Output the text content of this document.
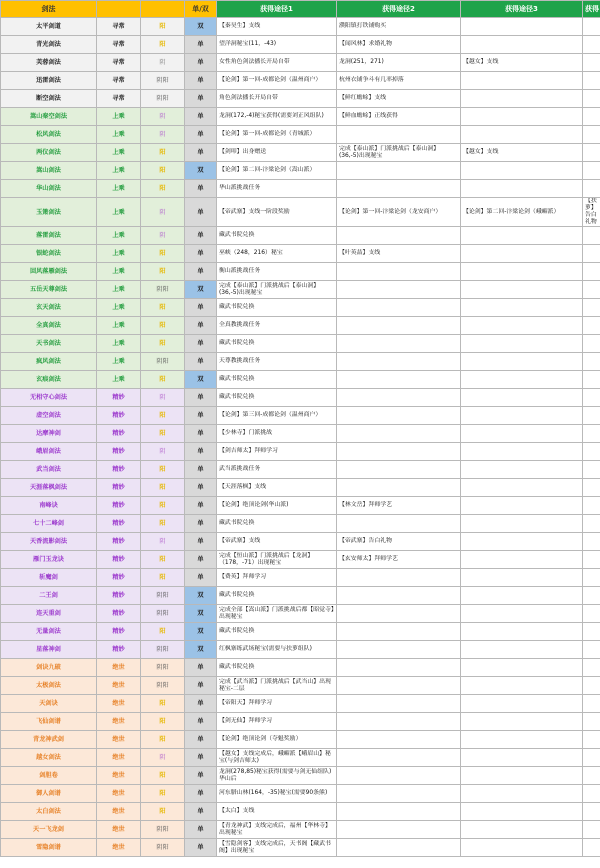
剑法			单/双	获得途径1	获得途径2	获得途径3	获得
太平剑道	寻常	阳	双	【秦昊生】支线	濮阳镇打铁铺购买		
青光剑法	寻常	阳	单	望洋洞秘宝(11，-43)	【闻风林】求婚礼物		
芙蓉剑法	寻常	阴	单	女性角色剑法播长开局自带	龙洞(251，271)	【越女】支线	
迅雷剑法	寻常	阴阳	单	【论剑】第一回-成都论剑（温州商户）	杭州衣铺争斗有几率掉落		
断空剑法	寻常	阴阳	单	角色剑法播长开局自带	【鲜红蟾蜍】支线		
嵩山秦空剑法	上乘	阴	单	龙洞(172,-4)秘宝获得(需要刘正风组队)	【鲜血蟾蜍】正线获得		
松风剑法	上乘	阴	单	【论剑】第一回-成都论剑（青城派）			
两仪剑法	上乘	阳	单	【剑叩】出身赠送	完成【泰山派】门派挑战后【泰山洞】(36,-5)出现秘宝	【越女】支线	
嵩山剑法	上乘	阳	双	【论剑】第二回-汴梁论剑（嵩山派）			
华山剑法	上乘	阳	单	华山派挑战任务			
玉箫剑法	上乘	阴	单	【帝武寨】支线一阶段奖励	【论剑】第一回-汴梁论剑（龙安商户）	【论剑】第二回-汴梁论剑（峨嵋派）	【扶萝】告白礼物
落雷剑法	上乘	阴	单	藏武书院兑换			
银蛇剑法	上乘	阳	单	巫峡（248，216）秘宝	【叶英喆】支线		
回风落雁剑法	上乘	阳	单	衡山派挑战任务			
五岳天尊剑法	上乘	阴阳	双	完成【泰山派】门派挑战后【泰山洞】(36,-5)出现秘宝			
玄天剑法	上乘	阳	单	藏武书院兑换			
全真剑法	上乘	阳	单	全真教挑战任务			
天书剑法	上乘	阳	单	藏武书院兑换			
疯风剑法	上乘	阴阳	单	天尊教挑战任务			
玄痕剑法	上乘	阳	双	藏武书院兑换			
无相守心剑法	精妙	阴	单	藏武书院兑换			
虚空剑法	精妙	阳	单	【论剑】第三回-成都论剑（温州商户）			
达摩神剑	精妙	阳	单	【少林寺】门派挑战			
峨眉剑法	精妙	阴	单	【剑吉师太】拜师学习			
武当剑法	精妙	阳	单	武当派挑战任务			
天涯落枫剑法	精妙	阳	单	【天涯落枫】支线			
南峰诀	精妙	阳	单	【论剑】绝顶论剑(华山派)	【林文岳】拜师学艺		
七十二峰剑	精妙	阳	单	藏武书院兑换			
天香流影剑法	精妙	阴	单	【帝武寨】支线	【帝武寨】告白礼物		
雁门玉龙诀	精妙	阳	单	完成【恒山派】门派挑战后【龙洞】（178，-71）出现秘宝	【玄安师太】拜师学艺		
斩魔剑	精妙	阳	单	【费英】拜师学习			
二王剑	精妙	阴阳	双	藏武书院兑换			
连天重剑	精妙	阴阳	双	完成全部【嵩山派】门派挑战后都【昭觉寺】出现秘宝			
无量剑法	精妙	阳	双	藏武书院兑换			
星落神剑	精妙	阴阳	双	红枫寨练武场秘宝(需要与扶萝组队)			
剑诀九破	绝世	阴阳	单	藏武书院兑换			
太极剑法	绝世	阴阳	单	完成【武当派】门派挑战后【武当山】出现秘宝-二层			
天剑诀	绝世	阳	单	【帝阳天】拜师学习			
飞仙剑谱	绝世	阳	单	【剑无仙】拜师学习			
青龙神武剑	绝世	阳	单	【论剑】绝顶论剑（夺魁奖励）			
越女剑法	绝世	阴	单	【越女】支线完成后，峨嵋派【峨眉山】秘宝(与剑吉师太)			
剑胆卷	绝世	阳	单	龙洞(278,85)秘宝获得(需要与剑无仙组队)华山后			
御人剑谱	绝世	阳	单	河东腊山林(164，-35)秘宝(需要90条熊)			
太白剑法	绝世	阳	单	【太白】支线			
天一飞龙剑	绝世	阴阳	单	【青龙神武】支线完成后，福州【华林寺】出现秘宝			
雪隐剑谱	绝世	阴阳	单	【雪隐剑客】支线完成后，天书阁【藏武书阁】出现秘宝			
